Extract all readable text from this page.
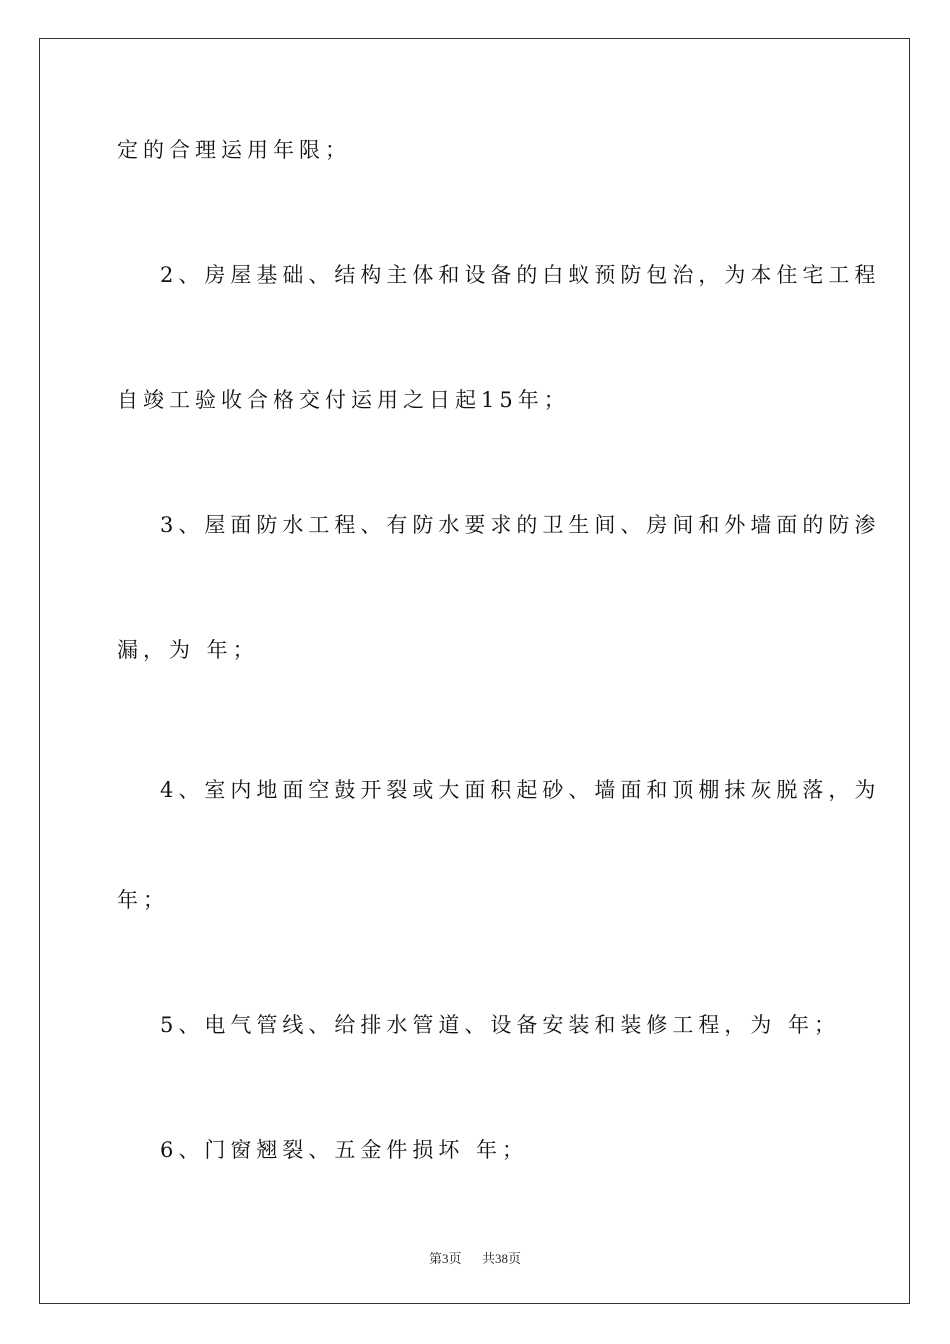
定的合理运用年限；
2、房屋基础、结构主体和设备的白蚁预防包治，为本住宅工程
自竣工验收合格交付运用之日起15年；
3、屋面防水工程、有防水要求的卫生间、房间和外墙面的防渗
漏，为 年；
4、室内地面空鼓开裂或大面积起砂、墙面和顶棚抹灰脱落，为
年；
5、电气管线、给排水管道、设备安装和装修工程，为 年；
6、门窗翘裂、五金件损坏 年；
第3页 共38页
